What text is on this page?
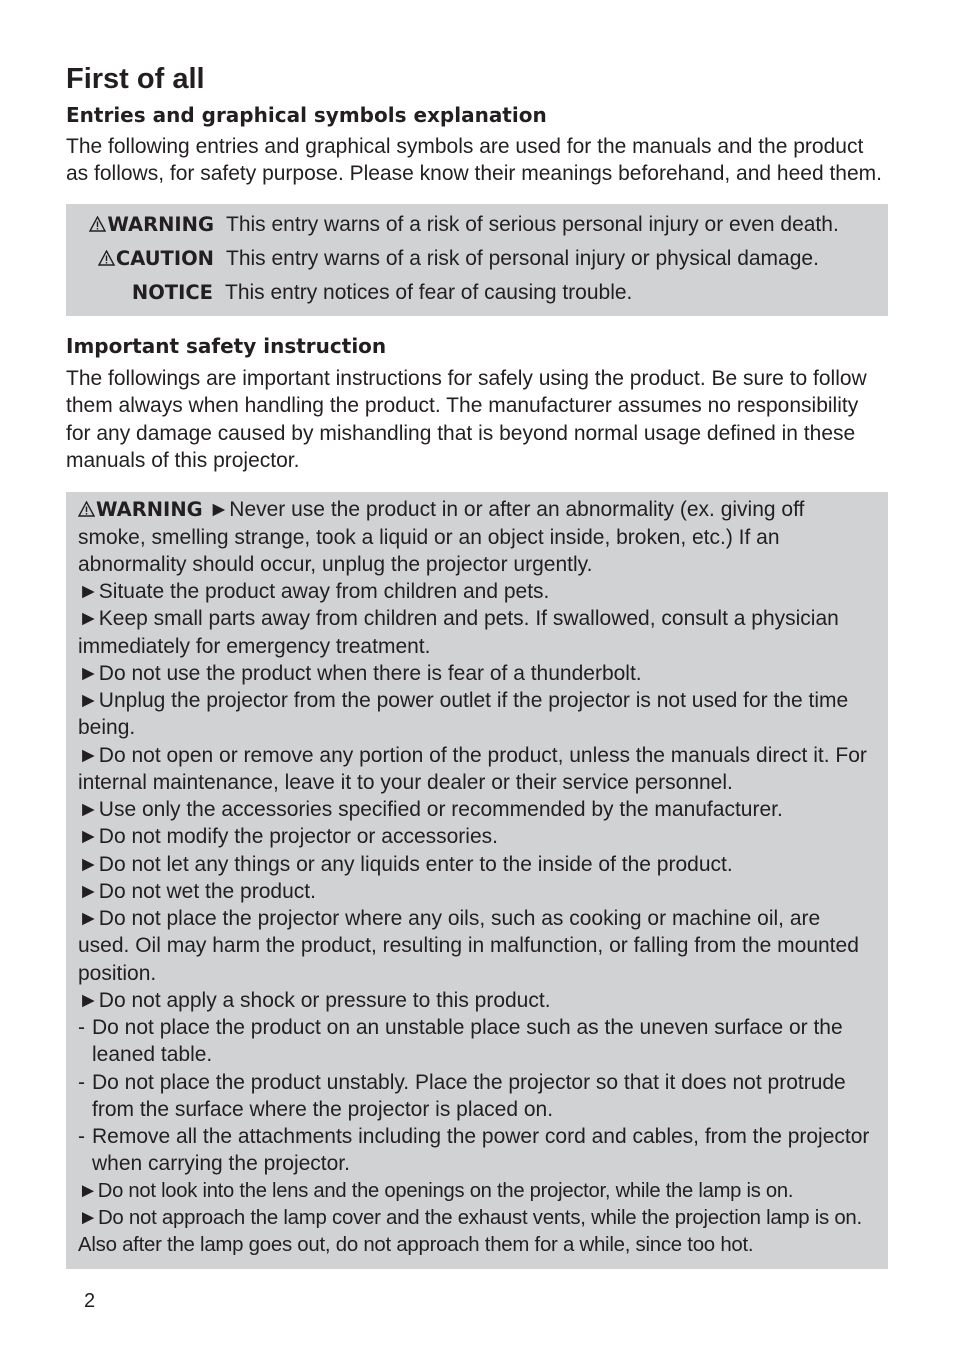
First of all
Entries and graphical symbols explanation

The following entries and graphical symbols are used for the manuals and the product as follows, for safety purpose. Please know their meanings beforehand, and heed them.

WARNING This entry warns of a risk of serious personal injury or even death.
CAUTION This entry warns of a risk of personal injury or physical damage.
NOTICE This entry notices of fear of causing trouble.
Important safety instruction

The followings are important instructions for safely using the product. Be sure to follow them always when handling the product. The manufacturer assumes no responsibility for any damage caused by mishandling that is beyond normal usage defined in these manuals of this projector.

WARNING ►Never use the product in or after an abnormality (ex. giving off smoke, smelling strange, took a liquid or an object inside, broken, etc.) If an abnormality should occur, unplug the projector urgently.

►Situate the product away from children and pets.

►Keep small parts away from children and pets. If swallowed, consult a physician immediately for emergency treatment.

►Do not use the product when there is fear of a thunderbolt.

►Unplug the projector from the power outlet if the projector is not used for the time being.

►Do not open or remove any portion of the product, unless the manuals direct it. For internal maintenance, leave it to your dealer or their service personnel.

►Use only the accessories specified or recommended by the manufacturer.

►Do not modify the projector or accessories.

►Do not let any things or any liquids enter to the inside of the product.

►Do not wet the product.

►Do not place the projector where any oils, such as cooking or machine oil, are used. Oil may harm the product, resulting in malfunction, or falling from the mounted position.

►Do not apply a shock or pressure to this product.

- Do not place the product on an unstable place such as the uneven surface or the leaned table.
- Do not place the product unstably. Place the projector so that it does not protrude from the surface where the projector is placed on.
- Remove all the attachments including the power cord and cables, from the projector when carrying the projector.

►Do not look into the lens and the openings on the projector, while the lamp is on.

►Do not approach the lamp cover and the exhaust vents, while the projection lamp is on. Also after the lamp goes out, do not approach them for a while, since too hot.

2
